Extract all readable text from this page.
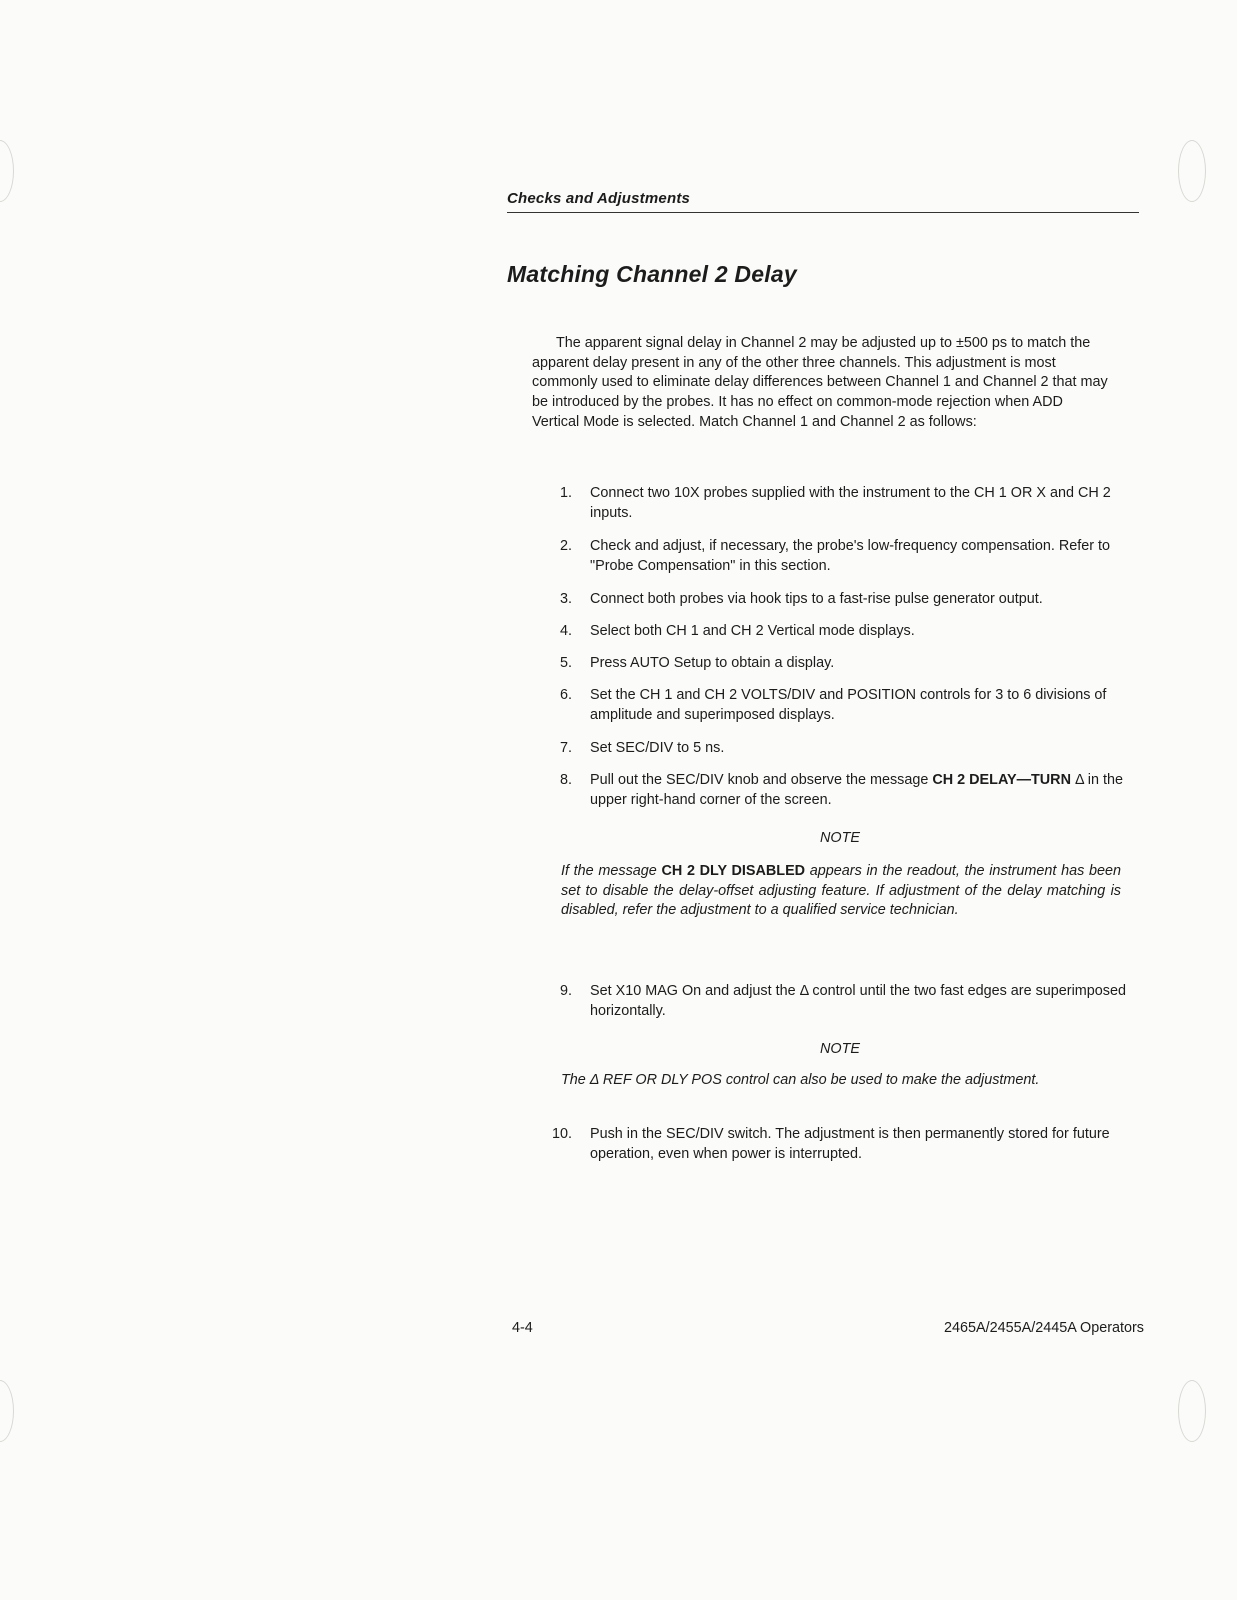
Checks and Adjustments
Matching Channel 2 Delay

The apparent signal delay in Channel 2 may be adjusted up to ±500 ps to match the apparent delay present in any of the other three channels. This adjustment is most commonly used to eliminate delay differences between Channel 1 and Channel 2 that may be introduced by the probes. It has no effect on common-mode rejection when ADD Vertical Mode is selected. Match Channel 1 and Channel 2 as follows:

1. Connect two 10X probes supplied with the instrument to the CH 1 OR X and CH 2 inputs.
2. Check and adjust, if necessary, the probe's low-frequency compensation. Refer to "Probe Compensation" in this section.
3. Connect both probes via hook tips to a fast-rise pulse generator output.
4. Select both CH 1 and CH 2 Vertical mode displays.
5. Press AUTO Setup to obtain a display.
6. Set the CH 1 and CH 2 VOLTS/DIV and POSITION controls for 3 to 6 divisions of amplitude and superimposed displays.
7. Set SEC/DIV to 5 ns.
8. Pull out the SEC/DIV knob and observe the message CH 2 DELAY—TURN Δ in the upper right-hand corner of the screen.
9. Set X10 MAG On and adjust the Δ control until the two fast edges are superimposed horizontally.
10. Push in the SEC/DIV switch. The adjustment is then permanently stored for future operation, even when power is interrupted.
NOTE
If the message CH 2 DLY DISABLED appears in the readout, the instrument has been set to disable the delay-offset adjusting feature. If adjustment of the delay matching is disabled, refer the adjustment to a qualified service technician.
NOTE
The Δ REF OR DLY POS control can also be used to make the adjustment.
4-4	2465A/2455A/2445A Operators
